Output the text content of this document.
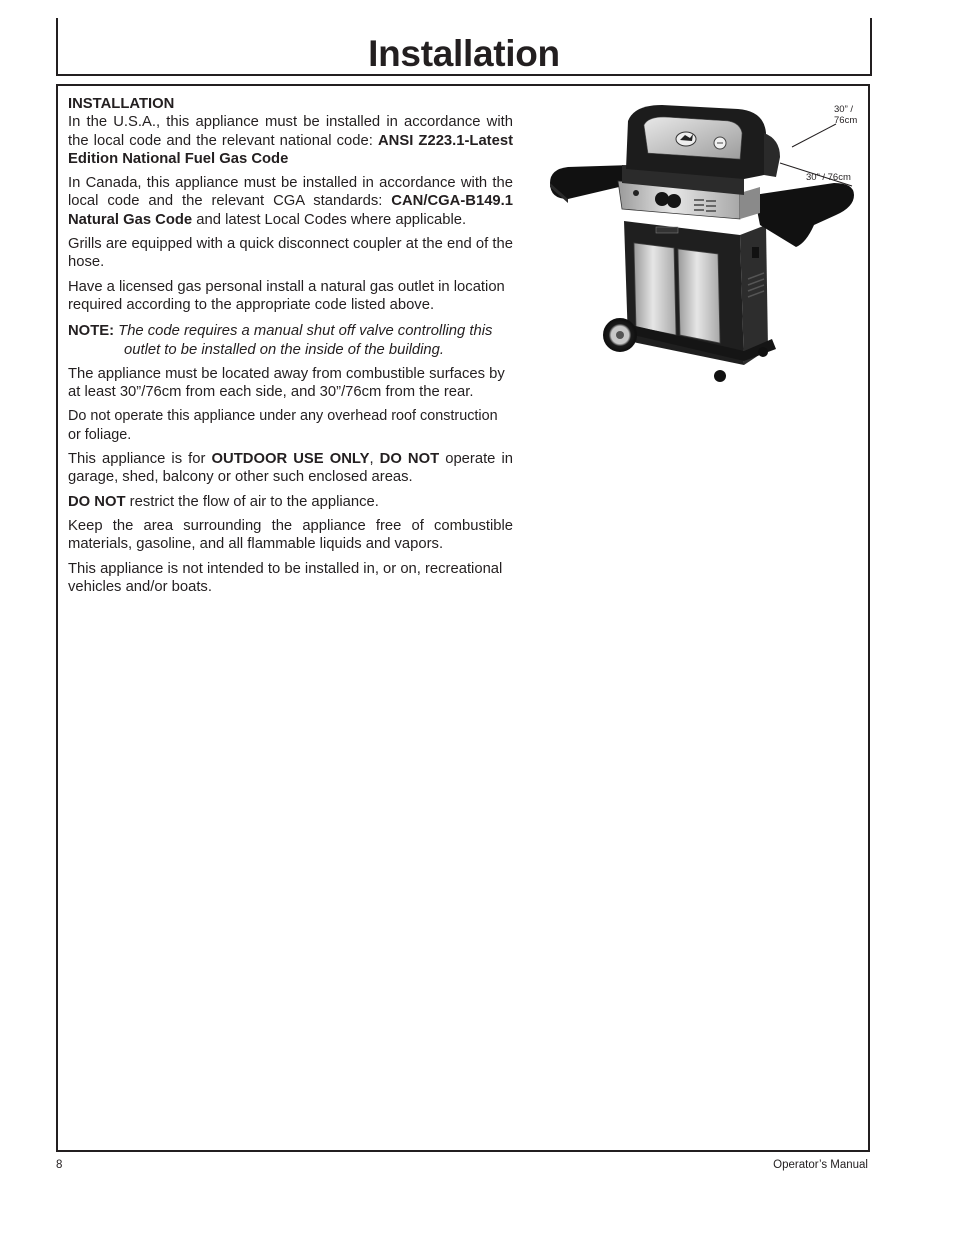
Installation
INSTALLATION

In the U.S.A., this appliance must be installed in accordance with the local code and the relevant national code: ANSI Z223.1-Latest Edition National Fuel Gas Code

In Canada, this appliance must be installed in accordance with the local code and the relevant CGA standards: CAN/CGA-B149.1 Natural Gas Code and latest Local Codes where applicable.

Grills are equipped with a quick disconnect coupler at the end of the hose.

Have a licensed gas personal install a natural gas outlet in location required according to the appropriate code listed above.

NOTE: The code requires a manual shut off valve controlling this outlet to be installed on the inside of the building.

The appliance must be located away from combustible surfaces by at least 30”/76cm from each side, and 30”/76cm from the rear.

Do not operate this appliance under any overhead roof construction or foliage.

This appliance is for OUTDOOR USE ONLY, DO NOT operate in garage, shed, balcony or other such enclosed areas.

DO NOT restrict the flow of air to the appliance.

Keep the area surrounding the appliance free of combustible materials, gasoline, and all flammable liquids and vapors.

This appliance is not intended to be installed in, or on, recreational vehicles and/or boats.

30” / 76cm
30” / 76cm
8	Operator’s Manual
